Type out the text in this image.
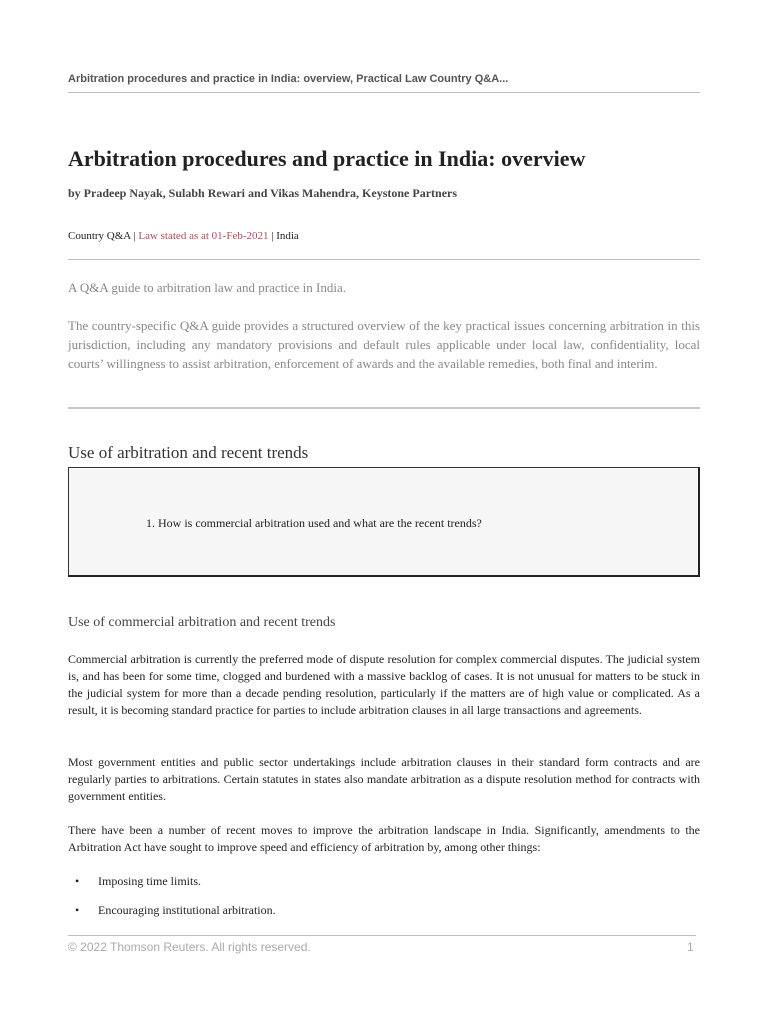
Arbitration procedures and practice in India: overview, Practical Law Country Q&A...
Arbitration procedures and practice in India: overview
by Pradeep Nayak, Sulabh Rewari and Vikas Mahendra, Keystone Partners
Country Q&A | Law stated as at 01-Feb-2021 | India
A Q&A guide to arbitration law and practice in India.
The country-specific Q&A guide provides a structured overview of the key practical issues concerning arbitration in this jurisdiction, including any mandatory provisions and default rules applicable under local law, confidentiality, local courts’ willingness to assist arbitration, enforcement of awards and the available remedies, both final and interim.
Use of arbitration and recent trends
1. How is commercial arbitration used and what are the recent trends?
Use of commercial arbitration and recent trends
Commercial arbitration is currently the preferred mode of dispute resolution for complex commercial disputes. The judicial system is, and has been for some time, clogged and burdened with a massive backlog of cases. It is not unusual for matters to be stuck in the judicial system for more than a decade pending resolution, particularly if the matters are of high value or complicated. As a result, it is becoming standard practice for parties to include arbitration clauses in all large transactions and agreements.
Most government entities and public sector undertakings include arbitration clauses in their standard form contracts and are regularly parties to arbitrations. Certain statutes in states also mandate arbitration as a dispute resolution method for contracts with government entities.
There have been a number of recent moves to improve the arbitration landscape in India. Significantly, amendments to the Arbitration Act have sought to improve speed and efficiency of arbitration by, among other things:
• Imposing time limits.
• Encouraging institutional arbitration.
© 2022 Thomson Reuters. All rights reserved.	1
